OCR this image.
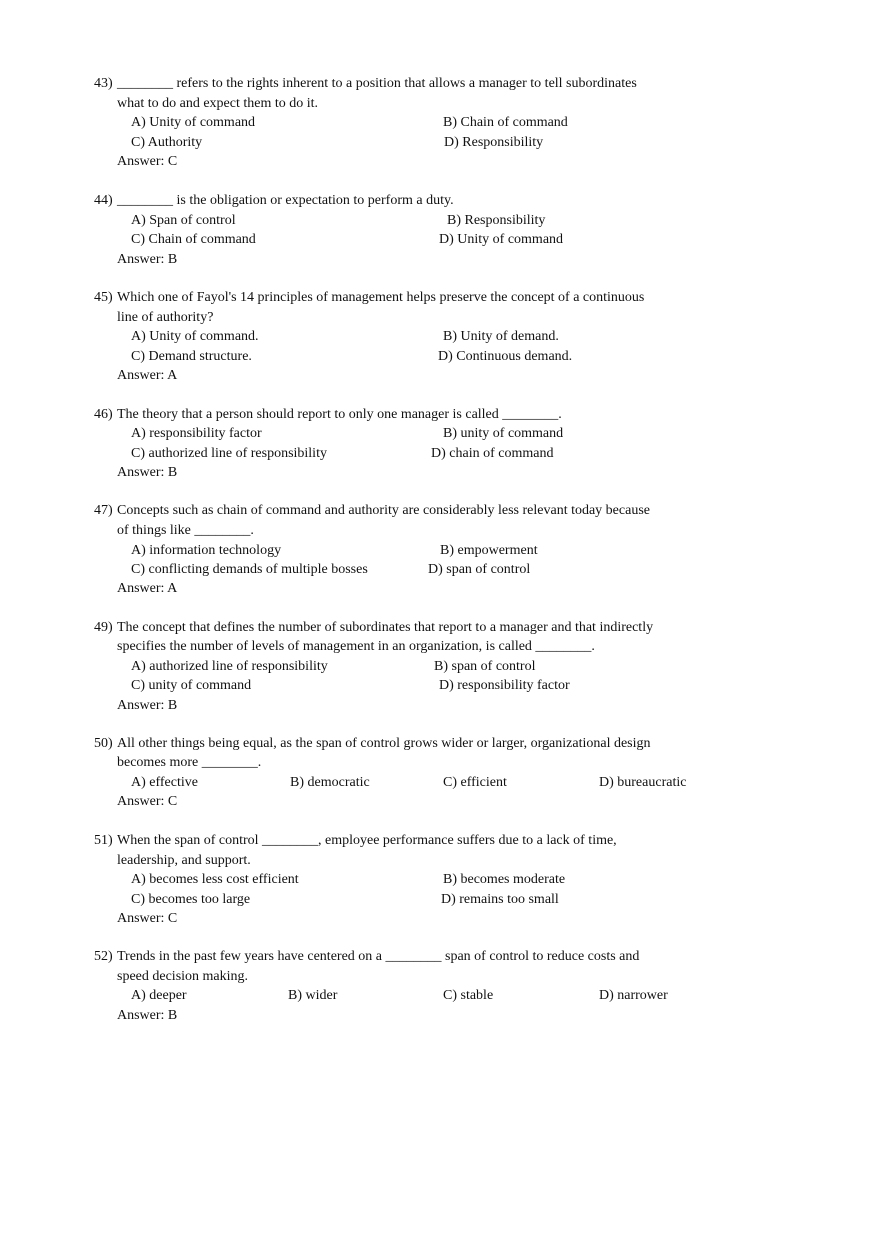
43) ________ refers to the rights inherent to a position that allows a manager to tell subordinates
what to do and expect them to do it.
A) Unity of command	B) Chain of command
C) Authority	D) Responsibility
Answer: C
44) ________ is the obligation or expectation to perform a duty.
A) Span of control	B) Responsibility
C) Chain of command	D) Unity of command
Answer: B
45) Which one of Fayol's 14 principles of management helps preserve the concept of a continuous
line of authority?
A) Unity of command.	B) Unity of demand.
C) Demand structure.	D) Continuous demand.
Answer: A
46) The theory that a person should report to only one manager is called ________.
A) responsibility factor	B) unity of command
C) authorized line of responsibility	D) chain of command
Answer: B
47) Concepts such as chain of command and authority are considerably less relevant today because
of things like ________.
A) information technology	B) empowerment
C) conflicting demands of multiple bosses	D) span of control
Answer: A
49) The concept that defines the number of subordinates that report to a manager and that indirectly
specifies the number of levels of management in an organization, is called ________.
A) authorized line of responsibility	B) span of control
C) unity of command	D) responsibility factor
Answer: B
50) All other things being equal, as the span of control grows wider or larger, organizational design
becomes more ________.
A) effective	B) democratic	C) efficient	D) bureaucratic
Answer: C
51) When the span of control ________, employee performance suffers due to a lack of time,
leadership, and support.
A) becomes less cost efficient	B) becomes moderate
C) becomes too large	D) remains too small
Answer: C
52) Trends in the past few years have centered on a ________ span of control to reduce costs and
speed decision making.
A) deeper	B) wider	C) stable	D) narrower
Answer: B
